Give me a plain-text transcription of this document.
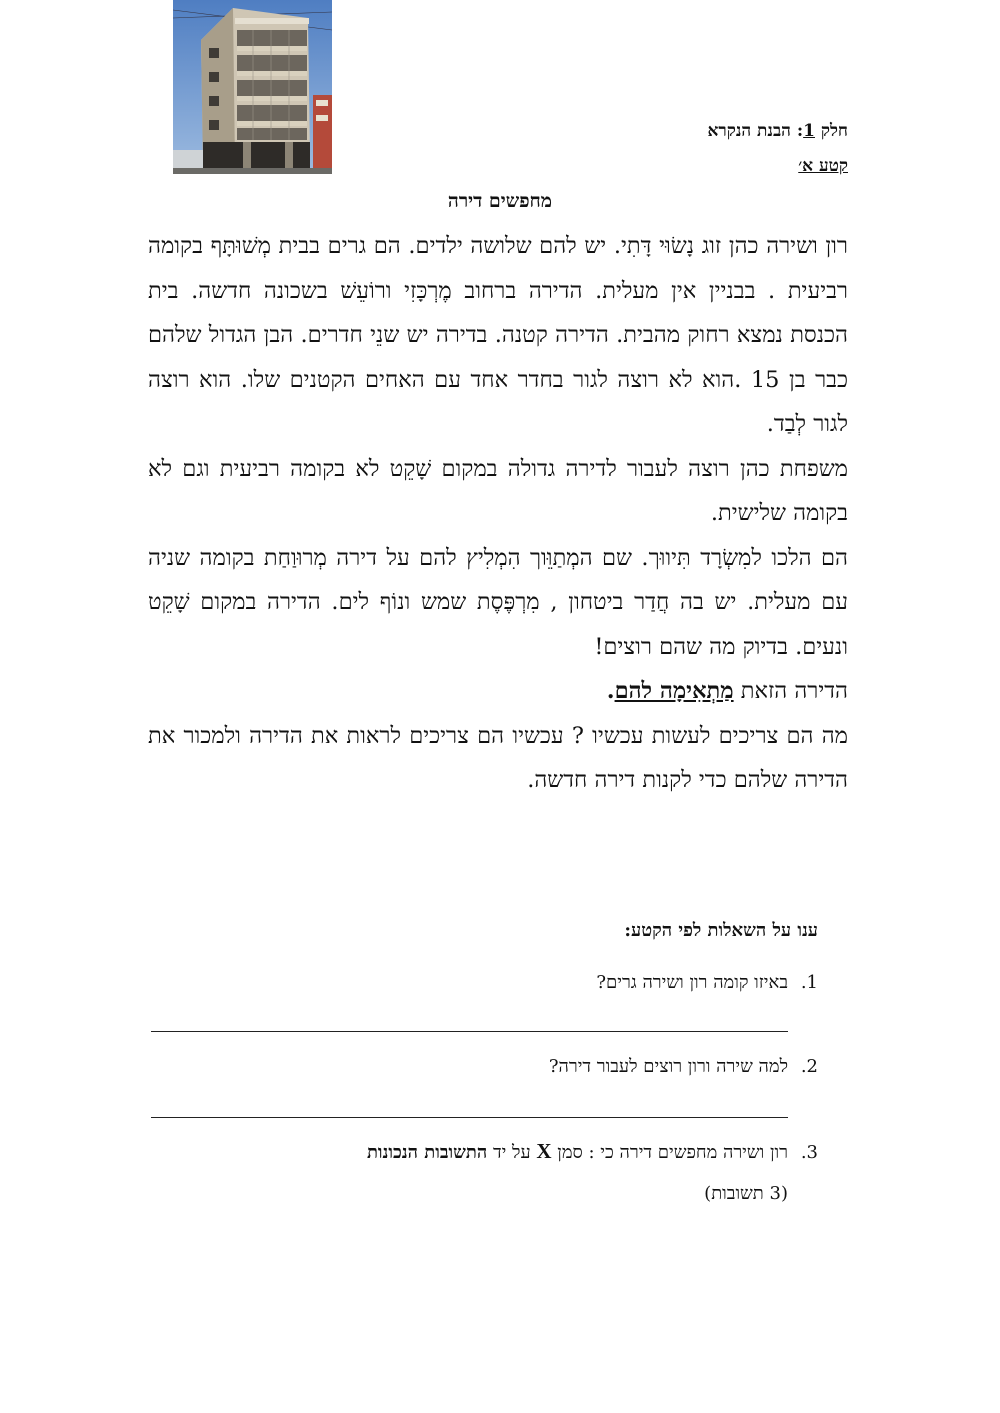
חלק 1: הבנת הנקרא
קטע א׳
מחפשים דירה

רון ושירה כהן זוג נָשׂוּי דָּתִי. יש להם שלושה ילדים. הם גרים בבית מְשׁוּתָּף בקומה רביעית . בבניין אין מעלית. הדירה ברחוב מֶרְכָּזִי ורוֹעֵשׁ בשכונה חדשה. בית הכנסת נמצא רחוק מהבית. הדירה קטנה. בדירה יש שנֵי חדרים. הבן הגדול שלהם כבר בן 15 .הוא לא רוצה לגור בחדר אחד עם האחים הקטנים שלו. הוא רוצה לגור לְבַד.

משפחת כהן רוצה לעבור לדירה גדולה במקום שָׁקֵט לא בקומה רביעית וגם לא בקומה שלישית.

הם הלכו למִשְׂרָד תִּיווּך. שם המְתַוֵּוך הִמְלִיץ להם על דירה מְרוּוַחַת בקומה שניה עם מעלית. יש בה חֲדַר ביטחון , מִרְפֶּסֶת שמש ונוֹף לים. הדירה במקום שָׁקֵט ונעים. בדיוק מה שהם רוצים!

הדירה הזאת מַתְאִימָה להם.

מה הם צריכים לעשות עכשיו ? עכשיו הם צריכים לראות את הדירה ולמכור את הדירה שלהם כדי לקנות דירה חדשה.

ענו על השאלות לפי הקטע:
1.באיזו קומה רון ושירה גרים?
2.למה שירה ורון רוצים לעבור דירה?
3.רון ושירה מחפשים דירה כי : סמן X על יד התשובות הנכונות
(3 תשובות)
